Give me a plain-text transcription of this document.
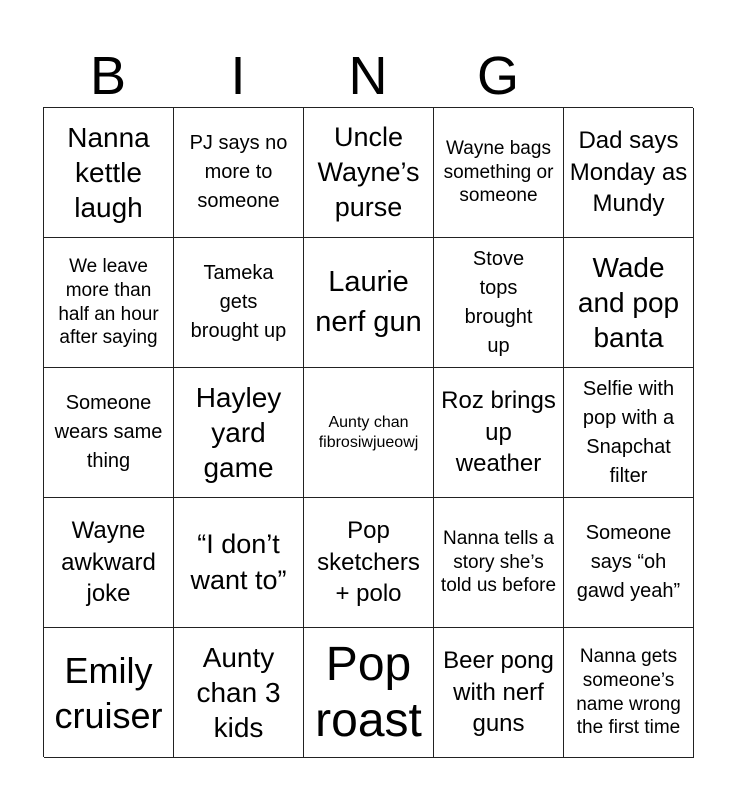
B	I	N	G
Nanna kettle laugh
PJ says no more to someone
Uncle Wayne’s purse
Wayne bags something or someone
Dad says Monday as Mundy
We leave more than half an hour after saying
Tameka gets brought up
Laurie nerf gun
Stove tops brought up
Wade and pop banta
Someone wears same thing
Hayley yard game
Aunty chan fibrosiwjueowj
Roz brings up weather
Selfie with pop with a Snapchat filter
Wayne awkward joke
“I don’t want to”
Pop sketchers + polo
Nanna tells a story she’s told us before
Someone says “oh gawd yeah”
Emily cruiser
Aunty chan 3 kids
Pop roast
Beer pong with nerf guns
Nanna gets someone’s name wrong the first time
